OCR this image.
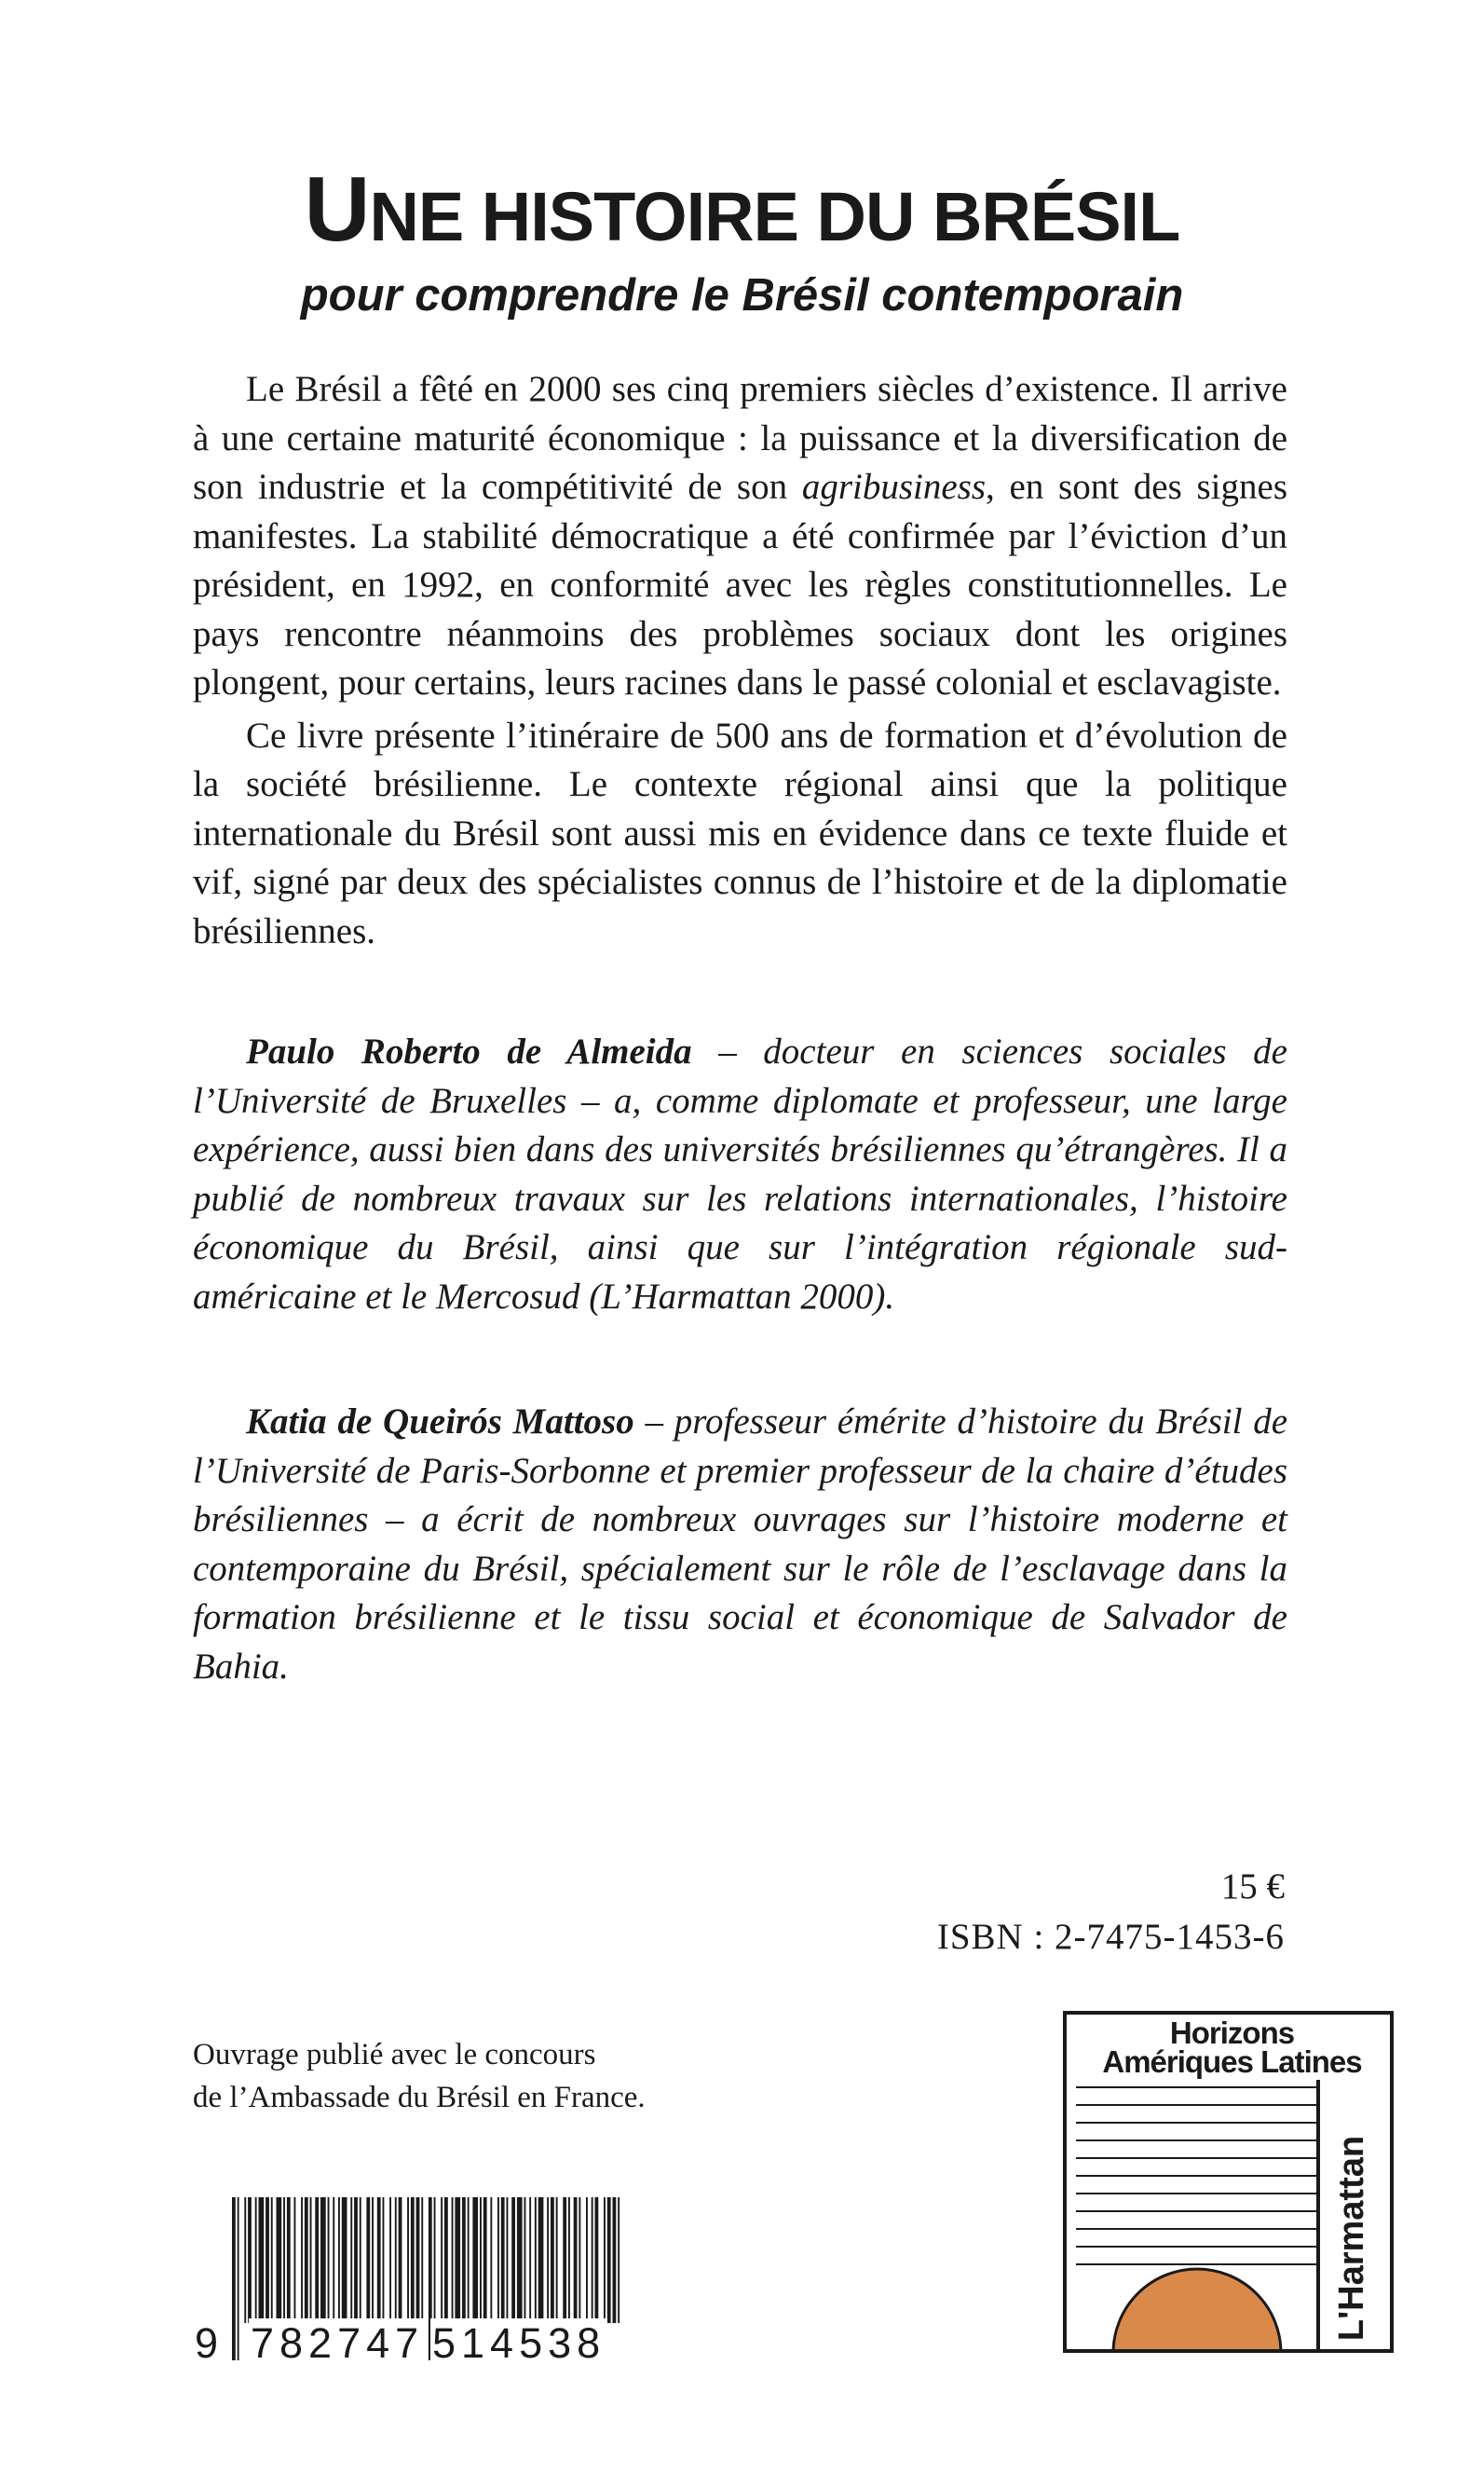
UNE HISTOIRE DU BRÉSIL
pour comprendre le Brésil contemporain

Le Brésil a fêté en 2000 ses cinq premiers siècles d’existence. Il arrive à une certaine maturité économique : la puissance et la diversification de son industrie et la compétitivité de son agribusiness, en sont des signes manifestes. La stabilité démocratique a été confirmée par l’éviction d’un président, en 1992, en conformité avec les règles constitutionnelles. Le pays rencontre néanmoins des problèmes sociaux dont les origines plongent, pour certains, leurs racines dans le passé colonial et esclavagiste.

Ce livre présente l’itinéraire de 500 ans de formation et d’évolution de la société brésilienne. Le contexte régional ainsi que la politique internationale du Brésil sont aussi mis en évidence dans ce texte fluide et vif, signé par deux des spécialistes connus de l’histoire et de la diplomatie brésiliennes.

Paulo Roberto de Almeida – docteur en sciences sociales de l’Université de Bruxelles – a, comme diplomate et professeur, une large expérience, aussi bien dans des universités brésiliennes qu’étrangères. Il a publié de nombreux travaux sur les relations internationales, l’histoire économique du Brésil, ainsi que sur l’intégration régionale sud-américaine et le Mercosud (L’Harmattan 2000).

Katia de Queirós Mattoso – professeur émérite d’histoire du Brésil de l’Université de Paris-Sorbonne et premier professeur de la chaire d’études brésiliennes – a écrit de nombreux ouvrages sur l’histoire moderne et contemporaine du Brésil, spécialement sur le rôle de l’esclavage dans la formation brésilienne et le tissu social et économique de Salvador de Bahia.

15 €
ISBN : 2-7475-1453-6
Ouvrage publié avec le concours
de l’Ambassade du Brésil en France.
9 782747 514538
Horizons
Amériques Latines
L'Harmattan
